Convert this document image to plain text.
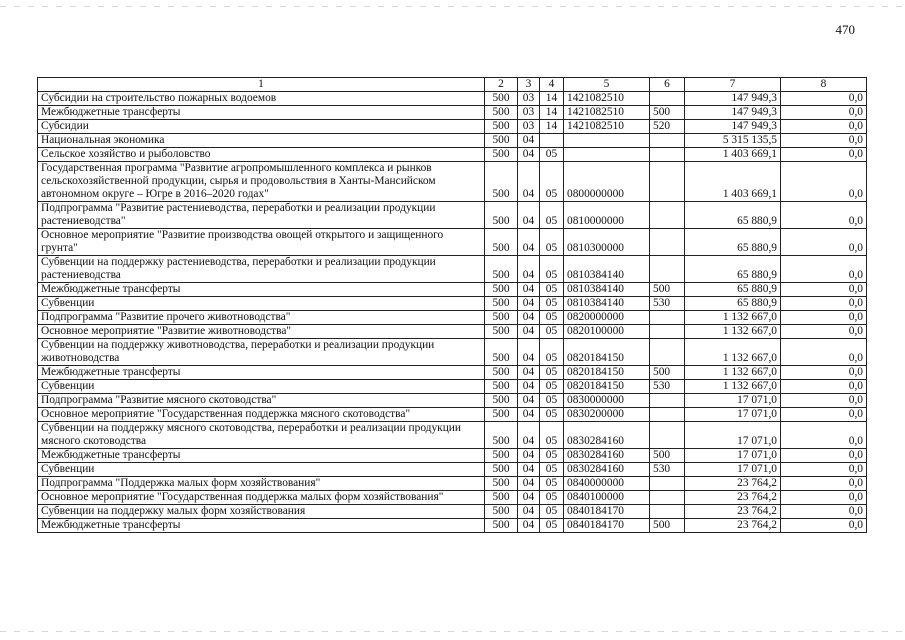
470
1	2	3	4	5	6	7	8
Субсидии на строительство пожарных водоемов	500	03	14	1421082510		147 949,3	0,0
Межбюджетные трансферты	500	03	14	1421082510	500	147 949,3	0,0
Субсидии	500	03	14	1421082510	520	147 949,3	0,0
Национальная экономика	500	04				5 315 135,5	0,0
Сельское хозяйство и рыболовство	500	04	05			1 403 669,1	0,0
Государственная программа "Развитие агропромышленного комплекса и рынков сельскохозяйственной продукции, сырья и продовольствия в Ханты-Мансийском автономном округе – Югре в 2016–2020 годах"	500	04	05	0800000000		1 403 669,1	0,0
Подпрограмма "Развитие растениеводства, переработки и реализации продукции растениеводства"	500	04	05	0810000000		65 880,9	0,0
Основное мероприятие "Развитие производства овощей открытого и защищенного грунта"	500	04	05	0810300000		65 880,9	0,0
Субвенции на поддержку растениеводства, переработки и реализации продукции растениеводства	500	04	05	0810384140		65 880,9	0,0
Межбюджетные трансферты	500	04	05	0810384140	500	65 880,9	0,0
Субвенции	500	04	05	0810384140	530	65 880,9	0,0
Подпрограмма "Развитие прочего животноводства"	500	04	05	0820000000		1 132 667,0	0,0
Основное мероприятие "Развитие животноводства"	500	04	05	0820100000		1 132 667,0	0,0
Субвенции на поддержку животноводства, переработки и реализации продукции животноводства	500	04	05	0820184150		1 132 667,0	0,0
Межбюджетные трансферты	500	04	05	0820184150	500	1 132 667,0	0,0
Субвенции	500	04	05	0820184150	530	1 132 667,0	0,0
Подпрограмма "Развитие мясного скотоводства"	500	04	05	0830000000		17 071,0	0,0
Основное мероприятие "Государственная поддержка мясного скотоводства"	500	04	05	0830200000		17 071,0	0,0
Субвенции на поддержку мясного скотоводства, переработки и реализации продукции мясного скотоводства	500	04	05	0830284160		17 071,0	0,0
Межбюджетные трансферты	500	04	05	0830284160	500	17 071,0	0,0
Субвенции	500	04	05	0830284160	530	17 071,0	0,0
Подпрограмма "Поддержка малых форм хозяйствования"	500	04	05	0840000000		23 764,2	0,0
Основное мероприятие "Государственная поддержка малых форм хозяйствования"	500	04	05	0840100000		23 764,2	0,0
Субвенции на поддержку малых форм хозяйствования	500	04	05	0840184170		23 764,2	0,0
Межбюджетные трансферты	500	04	05	0840184170	500	23 764,2	0,0
